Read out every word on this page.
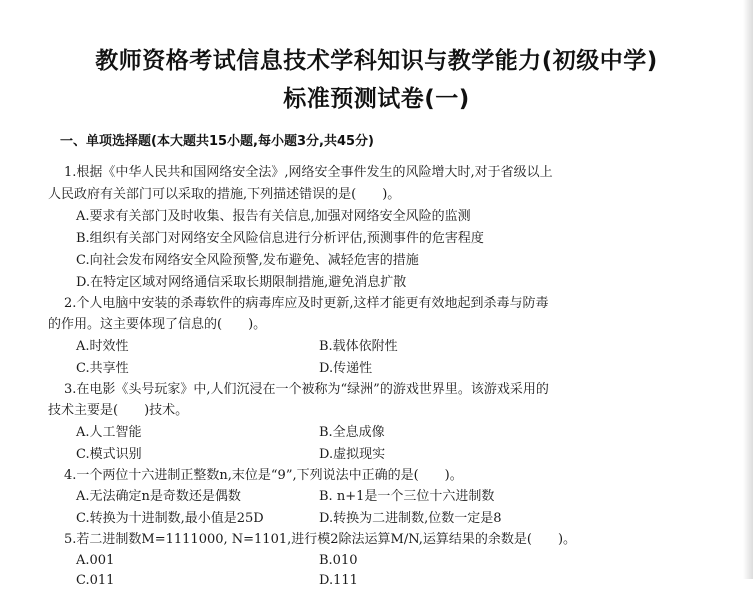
教师资格考试信息技术学科知识与教学能力(初级中学)
标准预测试卷(一)
一、单项选择题(本大题共15小题,每小题3分,共45分)
1.根据《中华人民共和国网络安全法》,网络安全事件发生的风险增大时,对于省级以上
人民政府有关部门可以采取的措施,下列描述错误的是(　　)。
A.要求有关部门及时收集、报告有关信息,加强对网络安全风险的监测
B.组织有关部门对网络安全风险信息进行分析评估,预测事件的危害程度
C.向社会发布网络安全风险预警,发布避免、减轻危害的措施
D.在特定区域对网络通信采取长期限制措施,避免消息扩散
2.个人电脑中安装的杀毒软件的病毒库应及时更新,这样才能更有效地起到杀毒与防毒
的作用。这主要体现了信息的(　　)。
A.时效性	B.载体依附性
C.共享性	D.传递性
3.在电影《头号玩家》中,人们沉浸在一个被称为“绿洲”的游戏世界里。该游戏采用的
技术主要是(　　)技术。
A.人工智能	B.全息成像
C.模式识别	D.虚拟现实
4.一个两位十六进制正整数n,末位是“9”,下列说法中正确的是(　　)。
A.无法确定n是奇数还是偶数	B. n+1是一个三位十六进制数
C.转换为十进制数,最小值是25D	D.转换为二进制数,位数一定是8
5.若二进制数M=1111000, N=1101,进行模2除法运算M/N,运算结果的余数是(　　)。
A.001	B.010
C.011	D.111
